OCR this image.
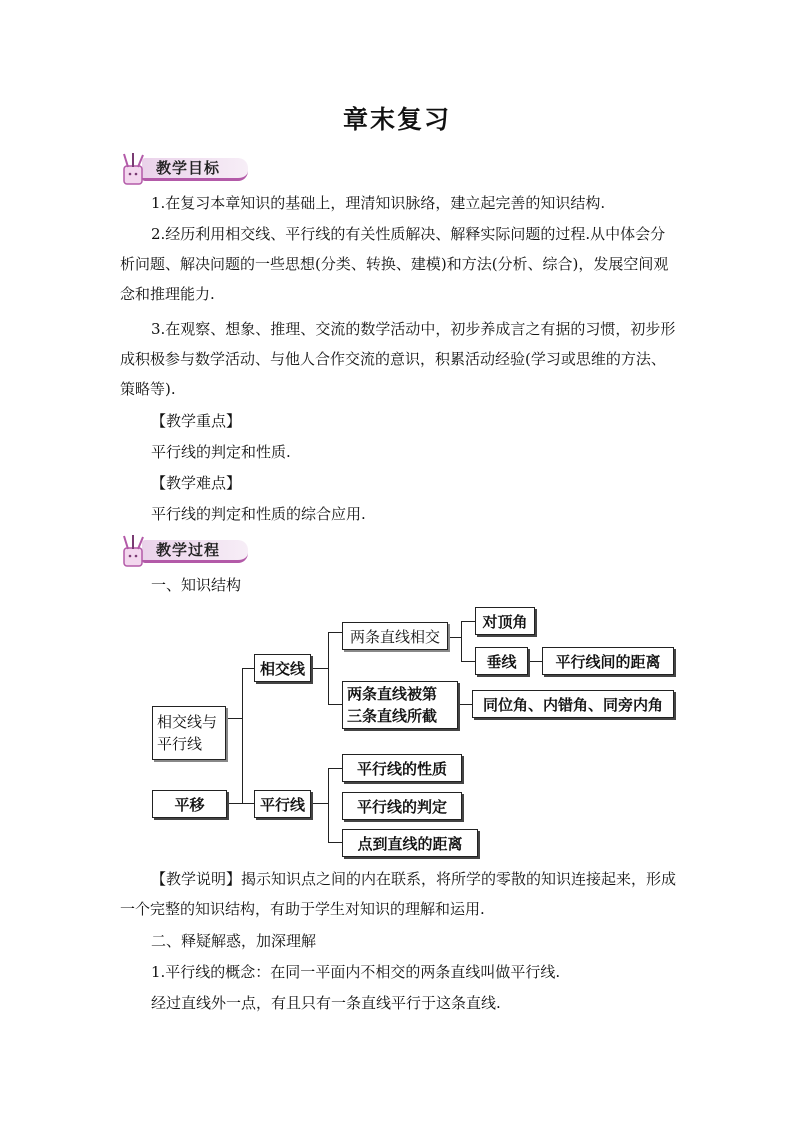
章末复习
教学目标

1.在复习本章知识的基础上，理清知识脉络，建立起完善的知识结构.

2.经历利用相交线、平行线的有关性质解决、解释实际问题的过程.从中体会分析问题、解决问题的一些思想(分类、转换、建模)和方法(分析、综合)，发展空间观念和推理能力.

3.在观察、想象、推理、交流的数学活动中，初步养成言之有据的习惯，初步形成积极参与数学活动、与他人合作交流的意识，积累活动经验(学习或思维的方法、策略等).

【教学重点】

平行线的判定和性质.

【教学难点】

平行线的判定和性质的综合应用.

教学过程

一、知识结构

相交线与
平行线
平移
相交线
平行线
两条直线相交
两条直线被第
三条直线所截
对顶角
垂线	平行线间的距离
同位角、内错角、同旁内角
平行线的性质
平行线的判定
点到直线的距离

【教学说明】揭示知识点之间的内在联系，将所学的零散的知识连接起来，形成一个完整的知识结构，有助于学生对知识的理解和运用.

二、释疑解惑，加深理解

1.平行线的概念：在同一平面内不相交的两条直线叫做平行线.

经过直线外一点，有且只有一条直线平行于这条直线.
